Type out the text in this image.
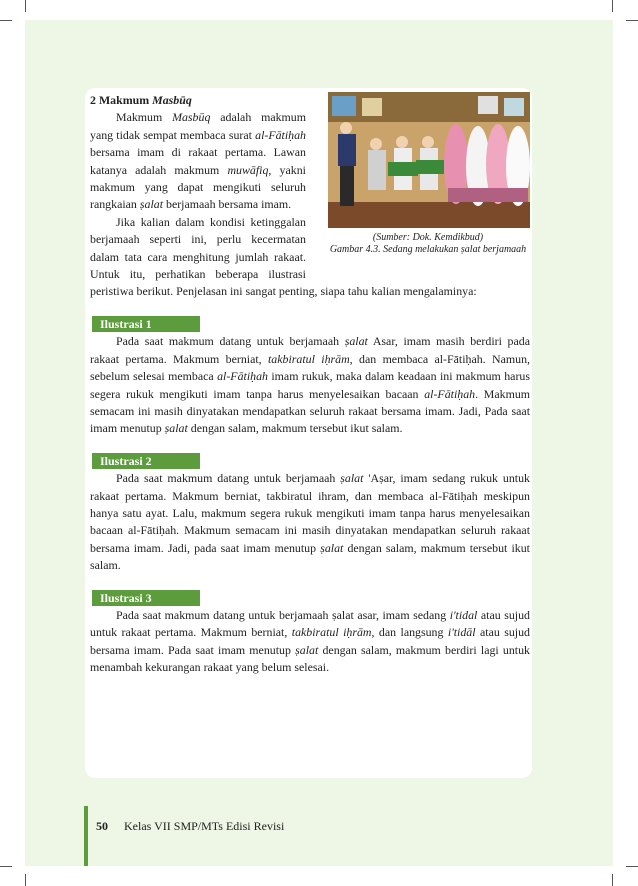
(Sumber: Dok. Kemdikbud)
Gambar 4.3. Sedang melakukan ṣalat berjamaah

2 Makmum Masbūq

Makmum Masbūq adalah makmum yang tidak sempat membaca surat al-Fātiḥah bersama imam di rakaat pertama. Lawan katanya adalah makmum muwāfiq, yakni makmum yang dapat mengikuti seluruh rangkaian ṣalat berjamaah bersama imam.

Jika kalian dalam kondisi ketinggalan berjamaah seperti ini, perlu kecermatan dalam tata cara menghitung jumlah rakaat. Untuk itu, perhatikan beberapa ilustrasi peristiwa berikut. Penjelasan ini sangat penting, siapa tahu kalian mengalaminya:

Ilustrasi 1

Pada saat makmum datang untuk berjamaah ṣalat Asar, imam masih berdiri pada rakaat pertama. Makmum berniat, takbiratul iḥrām, dan membaca al-Fātiḥah. Namun, sebelum selesai membaca al-Fātiḥah imam rukuk, maka dalam keadaan ini makmum harus segera rukuk mengikuti imam tanpa harus menyelesaikan bacaan al-Fātiḥah. Makmum semacam ini masih dinyatakan mendapatkan seluruh rakaat bersama imam. Jadi, Pada saat imam menutup ṣalat dengan salam, makmum tersebut ikut salam.

Ilustrasi 2

Pada saat makmum datang untuk berjamaah ṣalat 'Aṣar, imam sedang rukuk untuk rakaat pertama. Makmum berniat, takbiratul ihram, dan membaca al-Fātiḥah meskipun hanya satu ayat. Lalu, makmum segera rukuk mengikuti imam tanpa harus menyelesaikan bacaan al-Fātiḥah. Makmum semacam ini masih dinyatakan mendapatkan seluruh rakaat bersama imam. Jadi, pada saat imam menutup ṣalat dengan salam, makmum tersebut ikut salam.

Ilustrasi 3

Pada saat makmum datang untuk berjamaah ṣalat asar, imam sedang i'tidal atau sujud untuk rakaat pertama. Makmum berniat, takbiratul iḥrām, dan langsung i'tidāl atau sujud bersama imam. Pada saat imam menutup ṣalat dengan salam, makmum berdiri lagi untuk menambah kekurangan rakaat yang belum selesai.

50 Kelas VII SMP/MTs Edisi Revisi
